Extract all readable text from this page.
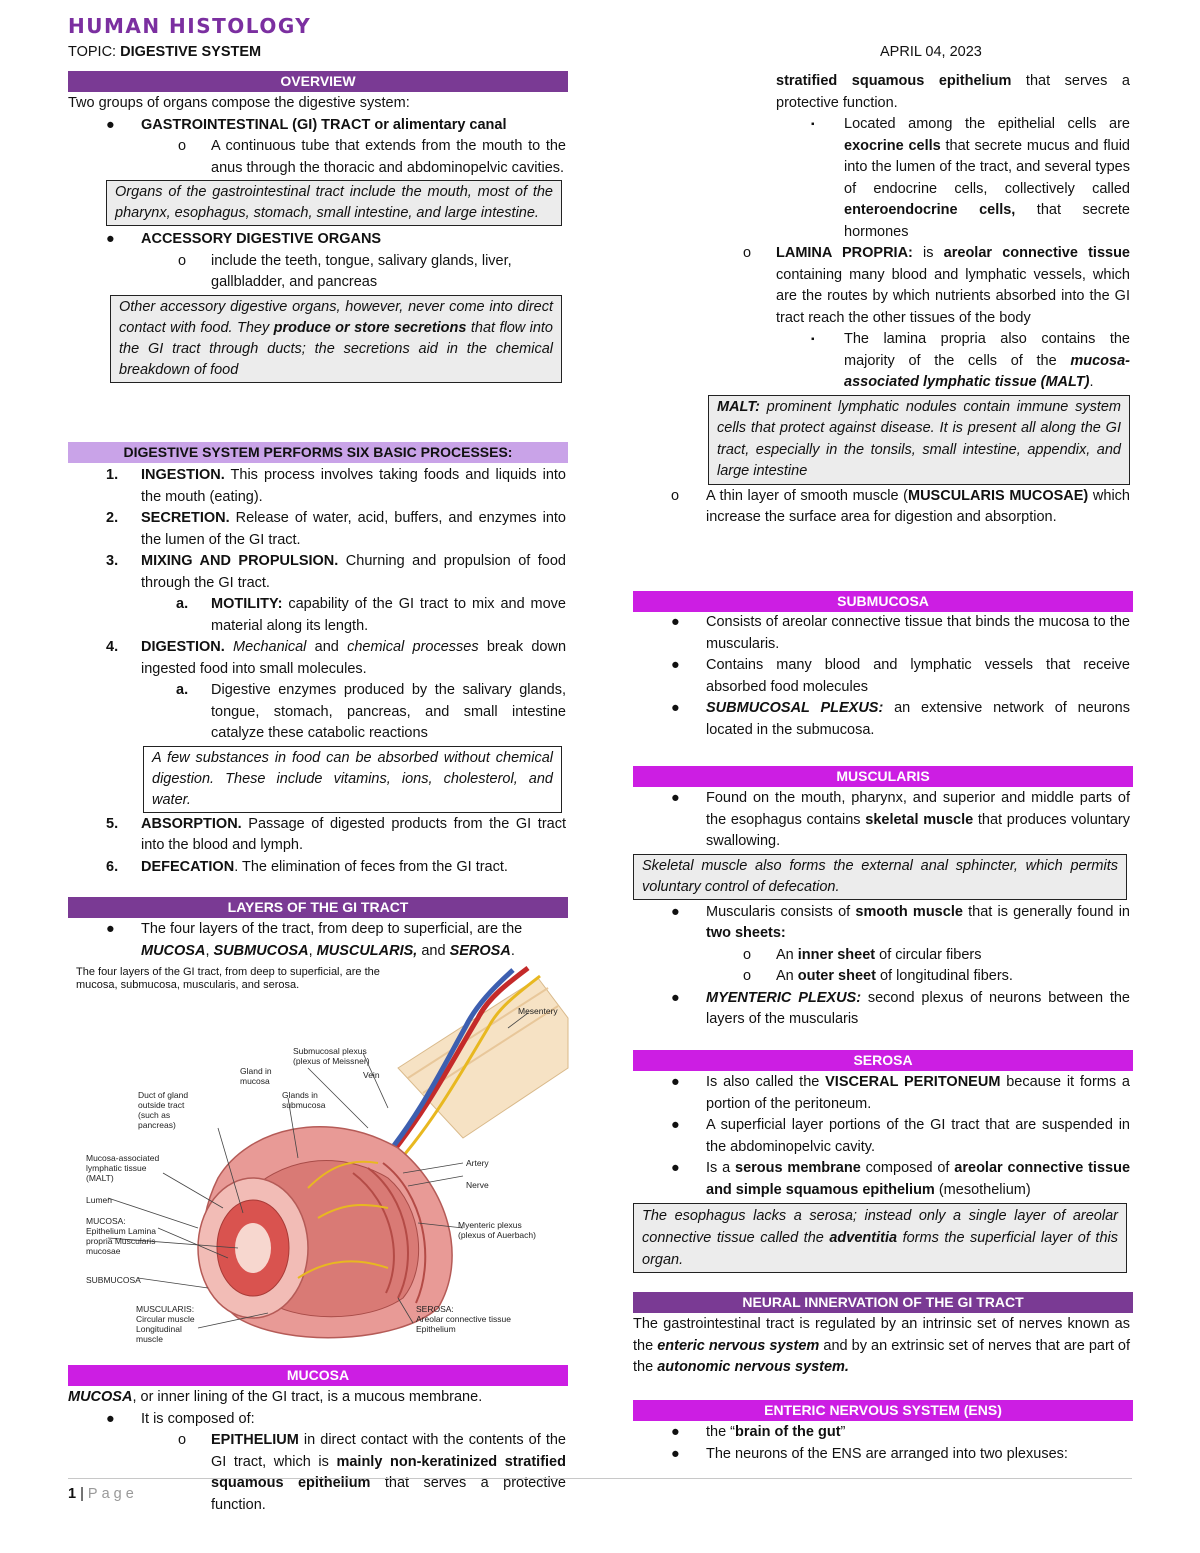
HUMAN HISTOLOGY
TOPIC: DIGESTIVE SYSTEM	APRIL 04, 2023
OVERVIEW

Two groups of organs compose the digestive system:

● GASTROINTESTINAL (GI) TRACT or alimentary canal

o A continuous tube that extends from the mouth to the anus through the thoracic and abdominopelvic cavities.

Organs of the gastrointestinal tract include the mouth, most of the pharynx, esophagus, stomach, small intestine, and large intestine.

● ACCESSORY DIGESTIVE ORGANS

o include the teeth, tongue, salivary glands, liver, gallbladder, and pancreas

Other accessory digestive organs, however, never come into direct contact with food. They produce or store secretions that flow into the GI tract through ducts; the secretions aid in the chemical breakdown of food

DIGESTIVE SYSTEM PERFORMS SIX BASIC PROCESSES:

1. INGESTION. This process involves taking foods and liquids into the mouth (eating).

2. SECRETION. Release of water, acid, buffers, and enzymes into the lumen of the GI tract.

3. MIXING AND PROPULSION. Churning and propulsion of food through the GI tract.

a. MOTILITY: capability of the GI tract to mix and move material along its length.

4. DIGESTION. Mechanical and chemical processes break down ingested food into small molecules.

a. Digestive enzymes produced by the salivary glands, tongue, stomach, pancreas, and small intestine catalyze these catabolic reactions

A few substances in food can be absorbed without chemical digestion. These include vitamins, ions, cholesterol, and water.

5. ABSORPTION. Passage of digested products from the GI tract into the blood and lymph.

6. DEFECATION. The elimination of feces from the GI tract.

LAYERS OF THE GI TRACT

● The four layers of the tract, from deep to superficial, are the MUCOSA, SUBMUCOSA, MUSCULARIS, and SEROSA.

The four layers of the GI tract, from deep to superficial, are the mucosa, submucosa, muscularis, and serosa.
Mesentery
Submucosal plexus (plexus of Meissner)
Vein
Gland in mucosa
Glands in submucosa
Duct of gland outside tract (such as pancreas)
Mucosa-associated lymphatic tissue (MALT)
Lumen
MUCOSA:
Epithelium Lamina propria Muscularis mucosae
Artery
Nerve
Myenteric plexus (plexus of Auerbach)
SUBMUCOSA
MUSCULARIS:
Circular muscle Longitudinal muscle
SEROSA:
Areolar connective tissue Epithelium
MUCOSA

MUCOSA, or inner lining of the GI tract, is a mucous membrane.

● It is composed of:

o EPITHELIUM in direct contact with the contents of the GI tract, which is mainly non-keratinized stratified squamous epithelium that serves a protective function.

stratified squamous epithelium that serves a protective function.

▪ Located among the epithelial cells are exocrine cells that secrete mucus and fluid into the lumen of the tract, and several types of endocrine cells, collectively called enteroendocrine cells, that secrete hormones

o LAMINA PROPRIA: is areolar connective tissue containing many blood and lymphatic vessels, which are the routes by which nutrients absorbed into the GI tract reach the other tissues of the body

▪ The lamina propria also contains the majority of the cells of the mucosa-associated lymphatic tissue (MALT).

MALT: prominent lymphatic nodules contain immune system cells that protect against disease. It is present all along the GI tract, especially in the tonsils, small intestine, appendix, and large intestine

o A thin layer of smooth muscle (MUSCULARIS MUCOSAE) which increase the surface area for digestion and absorption.

SUBMUCOSA

● Consists of areolar connective tissue that binds the mucosa to the muscularis.

● Contains many blood and lymphatic vessels that receive absorbed food molecules

● SUBMUCOSAL PLEXUS: an extensive network of neurons located in the submucosa.

MUSCULARIS

● Found on the mouth, pharynx, and superior and middle parts of the esophagus contains skeletal muscle that produces voluntary swallowing.

Skeletal muscle also forms the external anal sphincter, which permits voluntary control of defecation.

● Muscularis consists of smooth muscle that is generally found in two sheets:

o An inner sheet of circular fibers

o An outer sheet of longitudinal fibers.

● MYENTERIC PLEXUS: second plexus of neurons between the layers of the muscularis

SEROSA

● Is also called the VISCERAL PERITONEUM because it forms a portion of the peritoneum.

● A superficial layer portions of the GI tract that are suspended in the abdominopelvic cavity.

● Is a serous membrane composed of areolar connective tissue and simple squamous epithelium (mesothelium)

The esophagus lacks a serosa; instead only a single layer of areolar connective tissue called the adventitia forms the superficial layer of this organ.

NEURAL INNERVATION OF THE GI TRACT

The gastrointestinal tract is regulated by an intrinsic set of nerves known as the enteric nervous system and by an extrinsic set of nerves that are part of the autonomic nervous system.

ENTERIC NERVOUS SYSTEM (ENS)

● the “brain of the gut”

● The neurons of the ENS are arranged into two plexuses:

1 | Page
